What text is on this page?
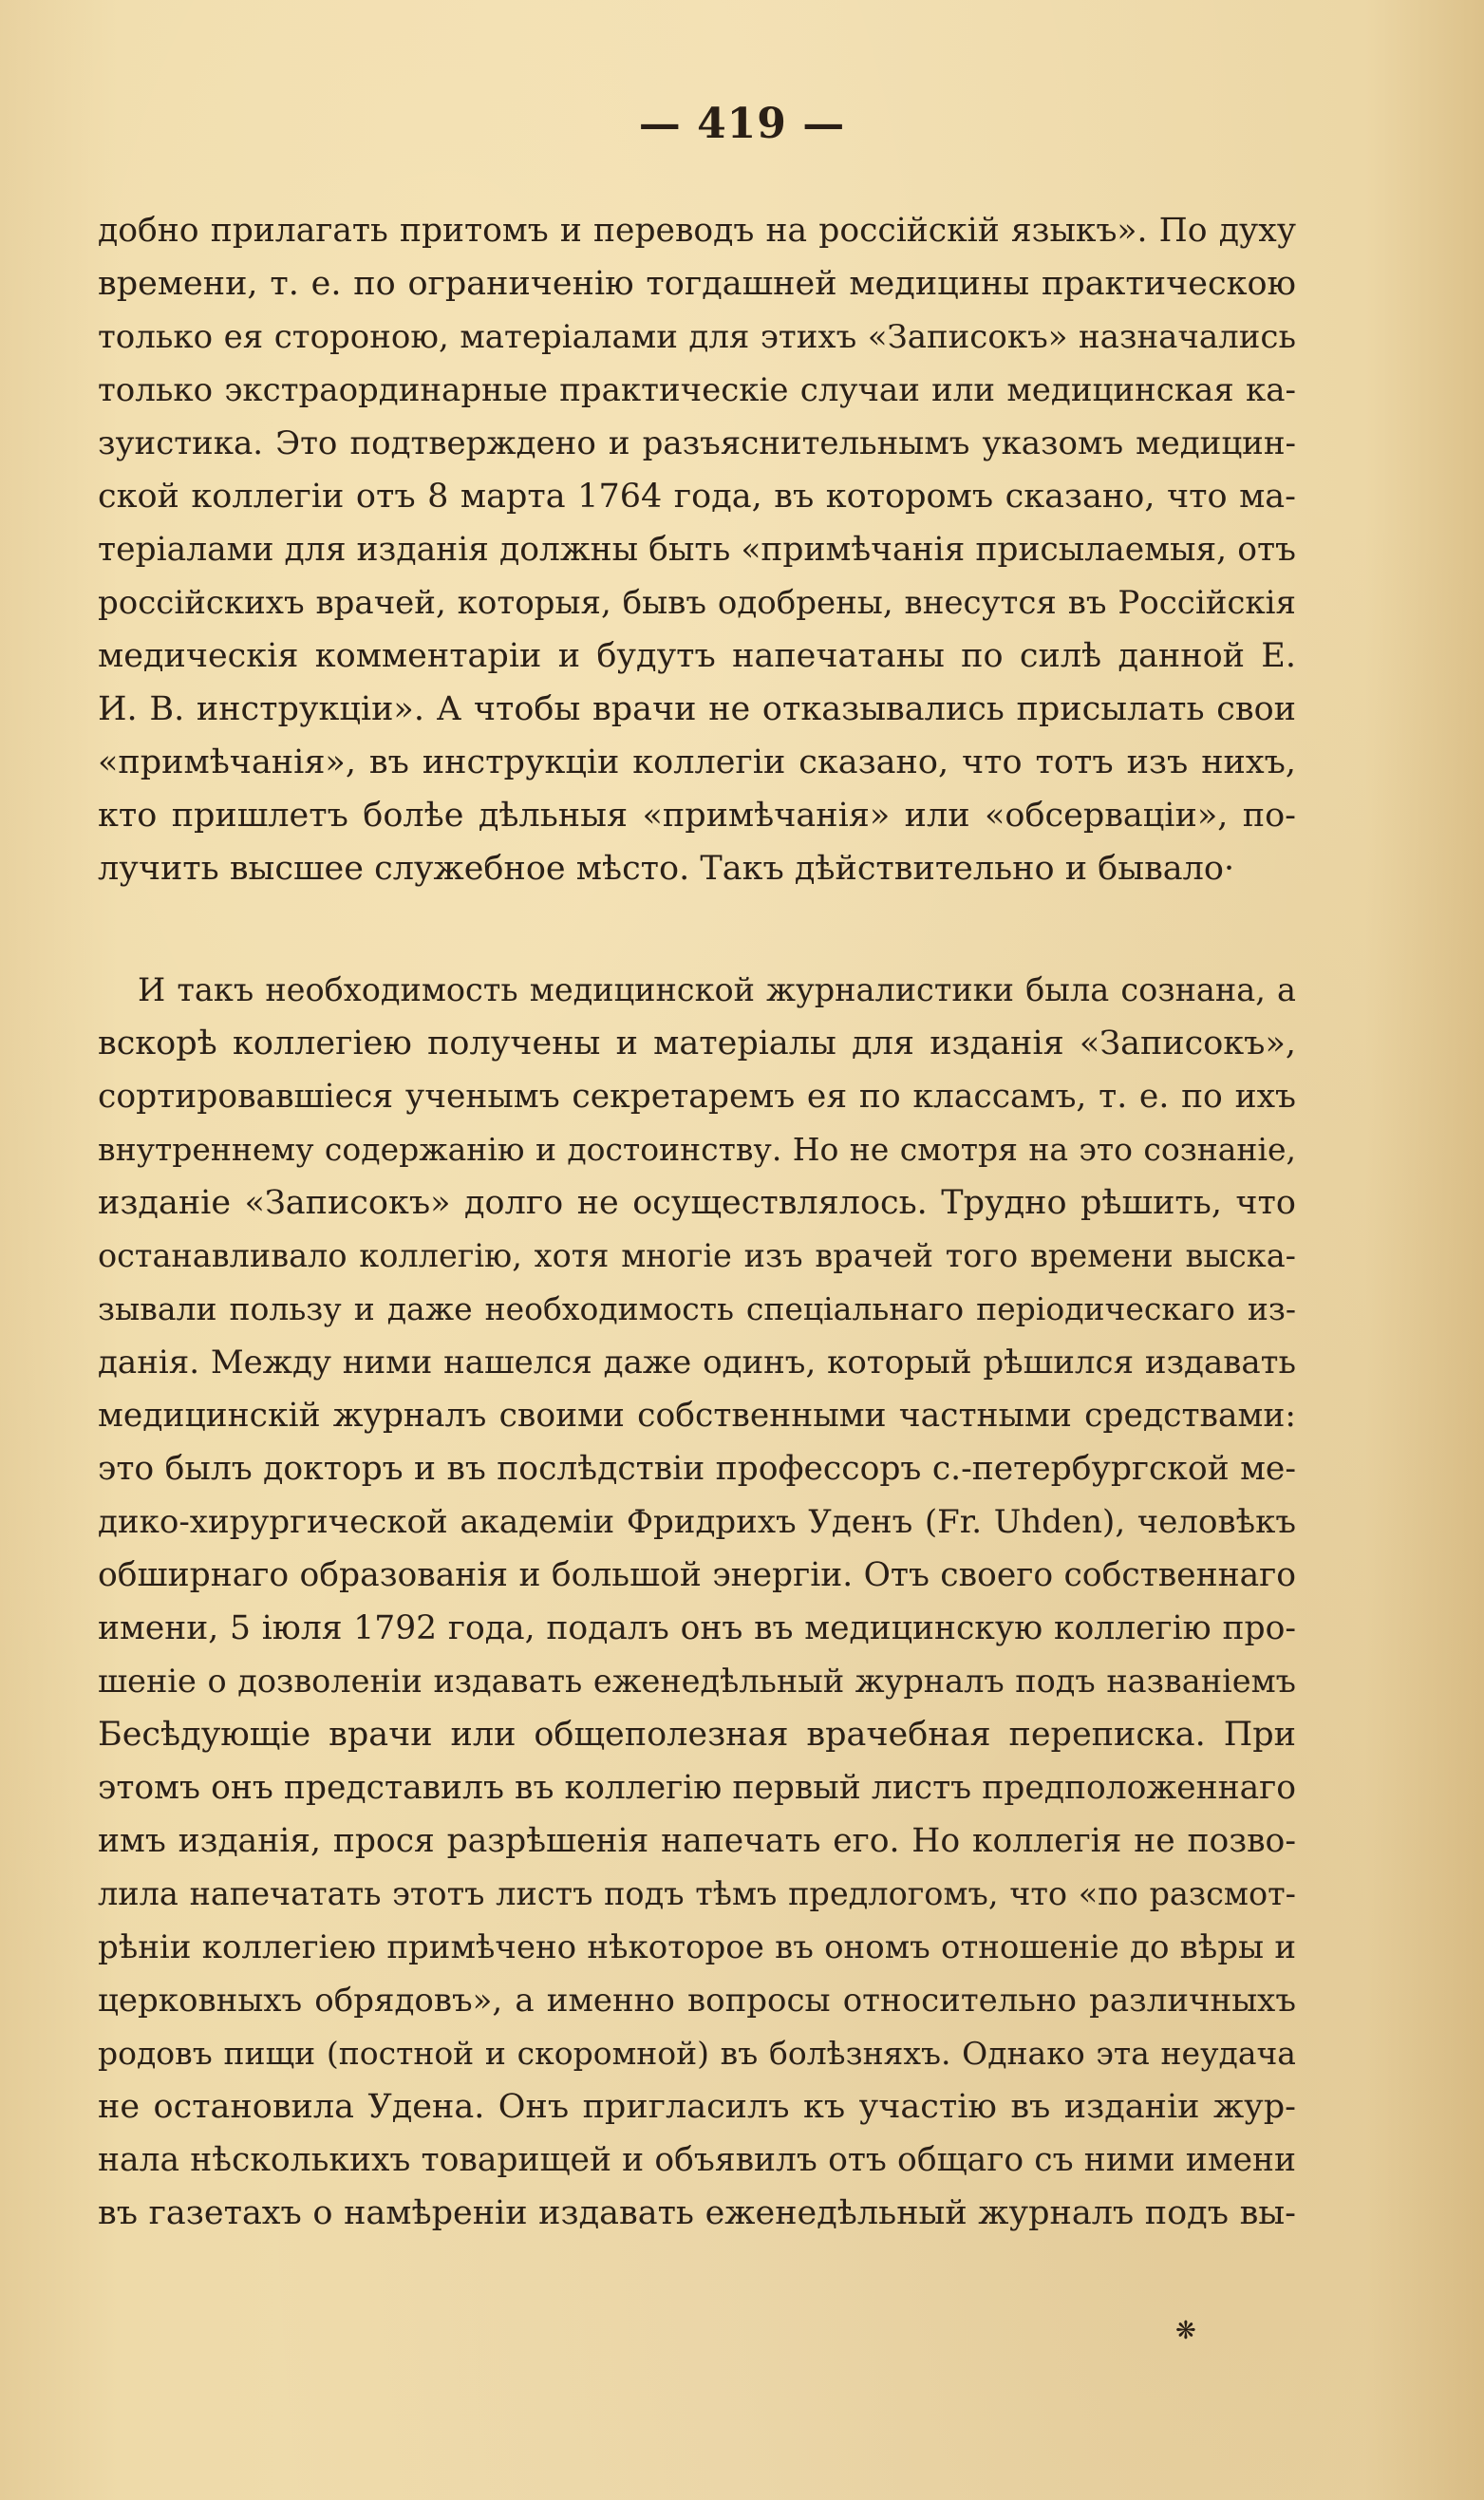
— 419 —
добно прилагать притомъ и переводъ на россійскій языкъ». По духу
времени, т. е. по ограниченію тогдашней медицины практическою
только ея стороною, матеріалами для этихъ «Записокъ» назначались
только экстраординарные практическіе случаи или медицинская ка-
зуистика. Это подтверждено и разъяснительнымъ указомъ медицин-
ской коллегіи отъ 8 марта 1764 года, въ которомъ сказано, что ма-
теріалами для изданія должны быть «примѣчанія присылаемыя, отъ
россійскихъ врачей, которыя, бывъ одобрены, внесутся въ Россійскія
медическія комментаріи и будутъ напечатаны по силѣ данной Е.
И. В. инструкціи». А чтобы врачи не отказывались присылать свои
«примѣчанія», въ инструкціи коллегіи сказано, что тотъ изъ нихъ,
кто пришлетъ болѣе дѣльныя «примѣчанія» или «обсерваціи», по-
лучить высшее служебное мѣсто. Такъ дѣйствительно и бывало·
И такъ необходимость медицинской журналистики была сознана, а
вскорѣ коллегіею получены и матеріалы для изданія «Записокъ»,
сортировавшіеся ученымъ секретаремъ ея по классамъ, т. е. по ихъ
внутреннему содержанію и достоинству. Но не смотря на это сознаніе,
изданіе «Записокъ» долго не осуществлялось. Трудно рѣшить, что
останавливало коллегію, хотя многіе изъ врачей того времени выска-
зывали пользу и даже необходимость спеціальнаго періодическаго из-
данія. Между ними нашелся даже одинъ, который рѣшился издавать
медицинскій журналъ своими собственными частными средствами:
это былъ докторъ и въ послѣдствіи профессоръ с.-петербургской ме-
дико-хирургической академіи Фридрихъ Уденъ (Fr. Uhden), человѣкъ
обширнаго образованія и большой энергіи. Отъ своего собственнаго
имени, 5 іюля 1792 года, подалъ онъ въ медицинскую коллегію про-
шеніе о дозволеніи издавать еженедѣльный журналъ подъ названіемъ
Бесѣдующіе врачи или общеполезная врачебная переписка. При
этомъ онъ представилъ въ коллегію первый листъ предположеннаго
имъ изданія, прося разрѣшенія напечать его. Но коллегія не позво-
лила напечатать этотъ листъ подъ тѣмъ предлогомъ, что «по разсмот-
рѣніи коллегіею примѣчено нѣкоторое въ ономъ отношеніе до вѣры и
церковныхъ обрядовъ», а именно вопросы относительно различныхъ
родовъ пищи (постной и скоромной) въ болѣзняхъ. Однако эта неудача
не остановила Удена. Онъ пригласилъ къ участію въ изданіи жур-
нала нѣсколькихъ товарищей и объявилъ отъ общаго съ ними имени
въ газетахъ о намѣреніи издавать еженедѣльный журналъ подъ вы-
❋
